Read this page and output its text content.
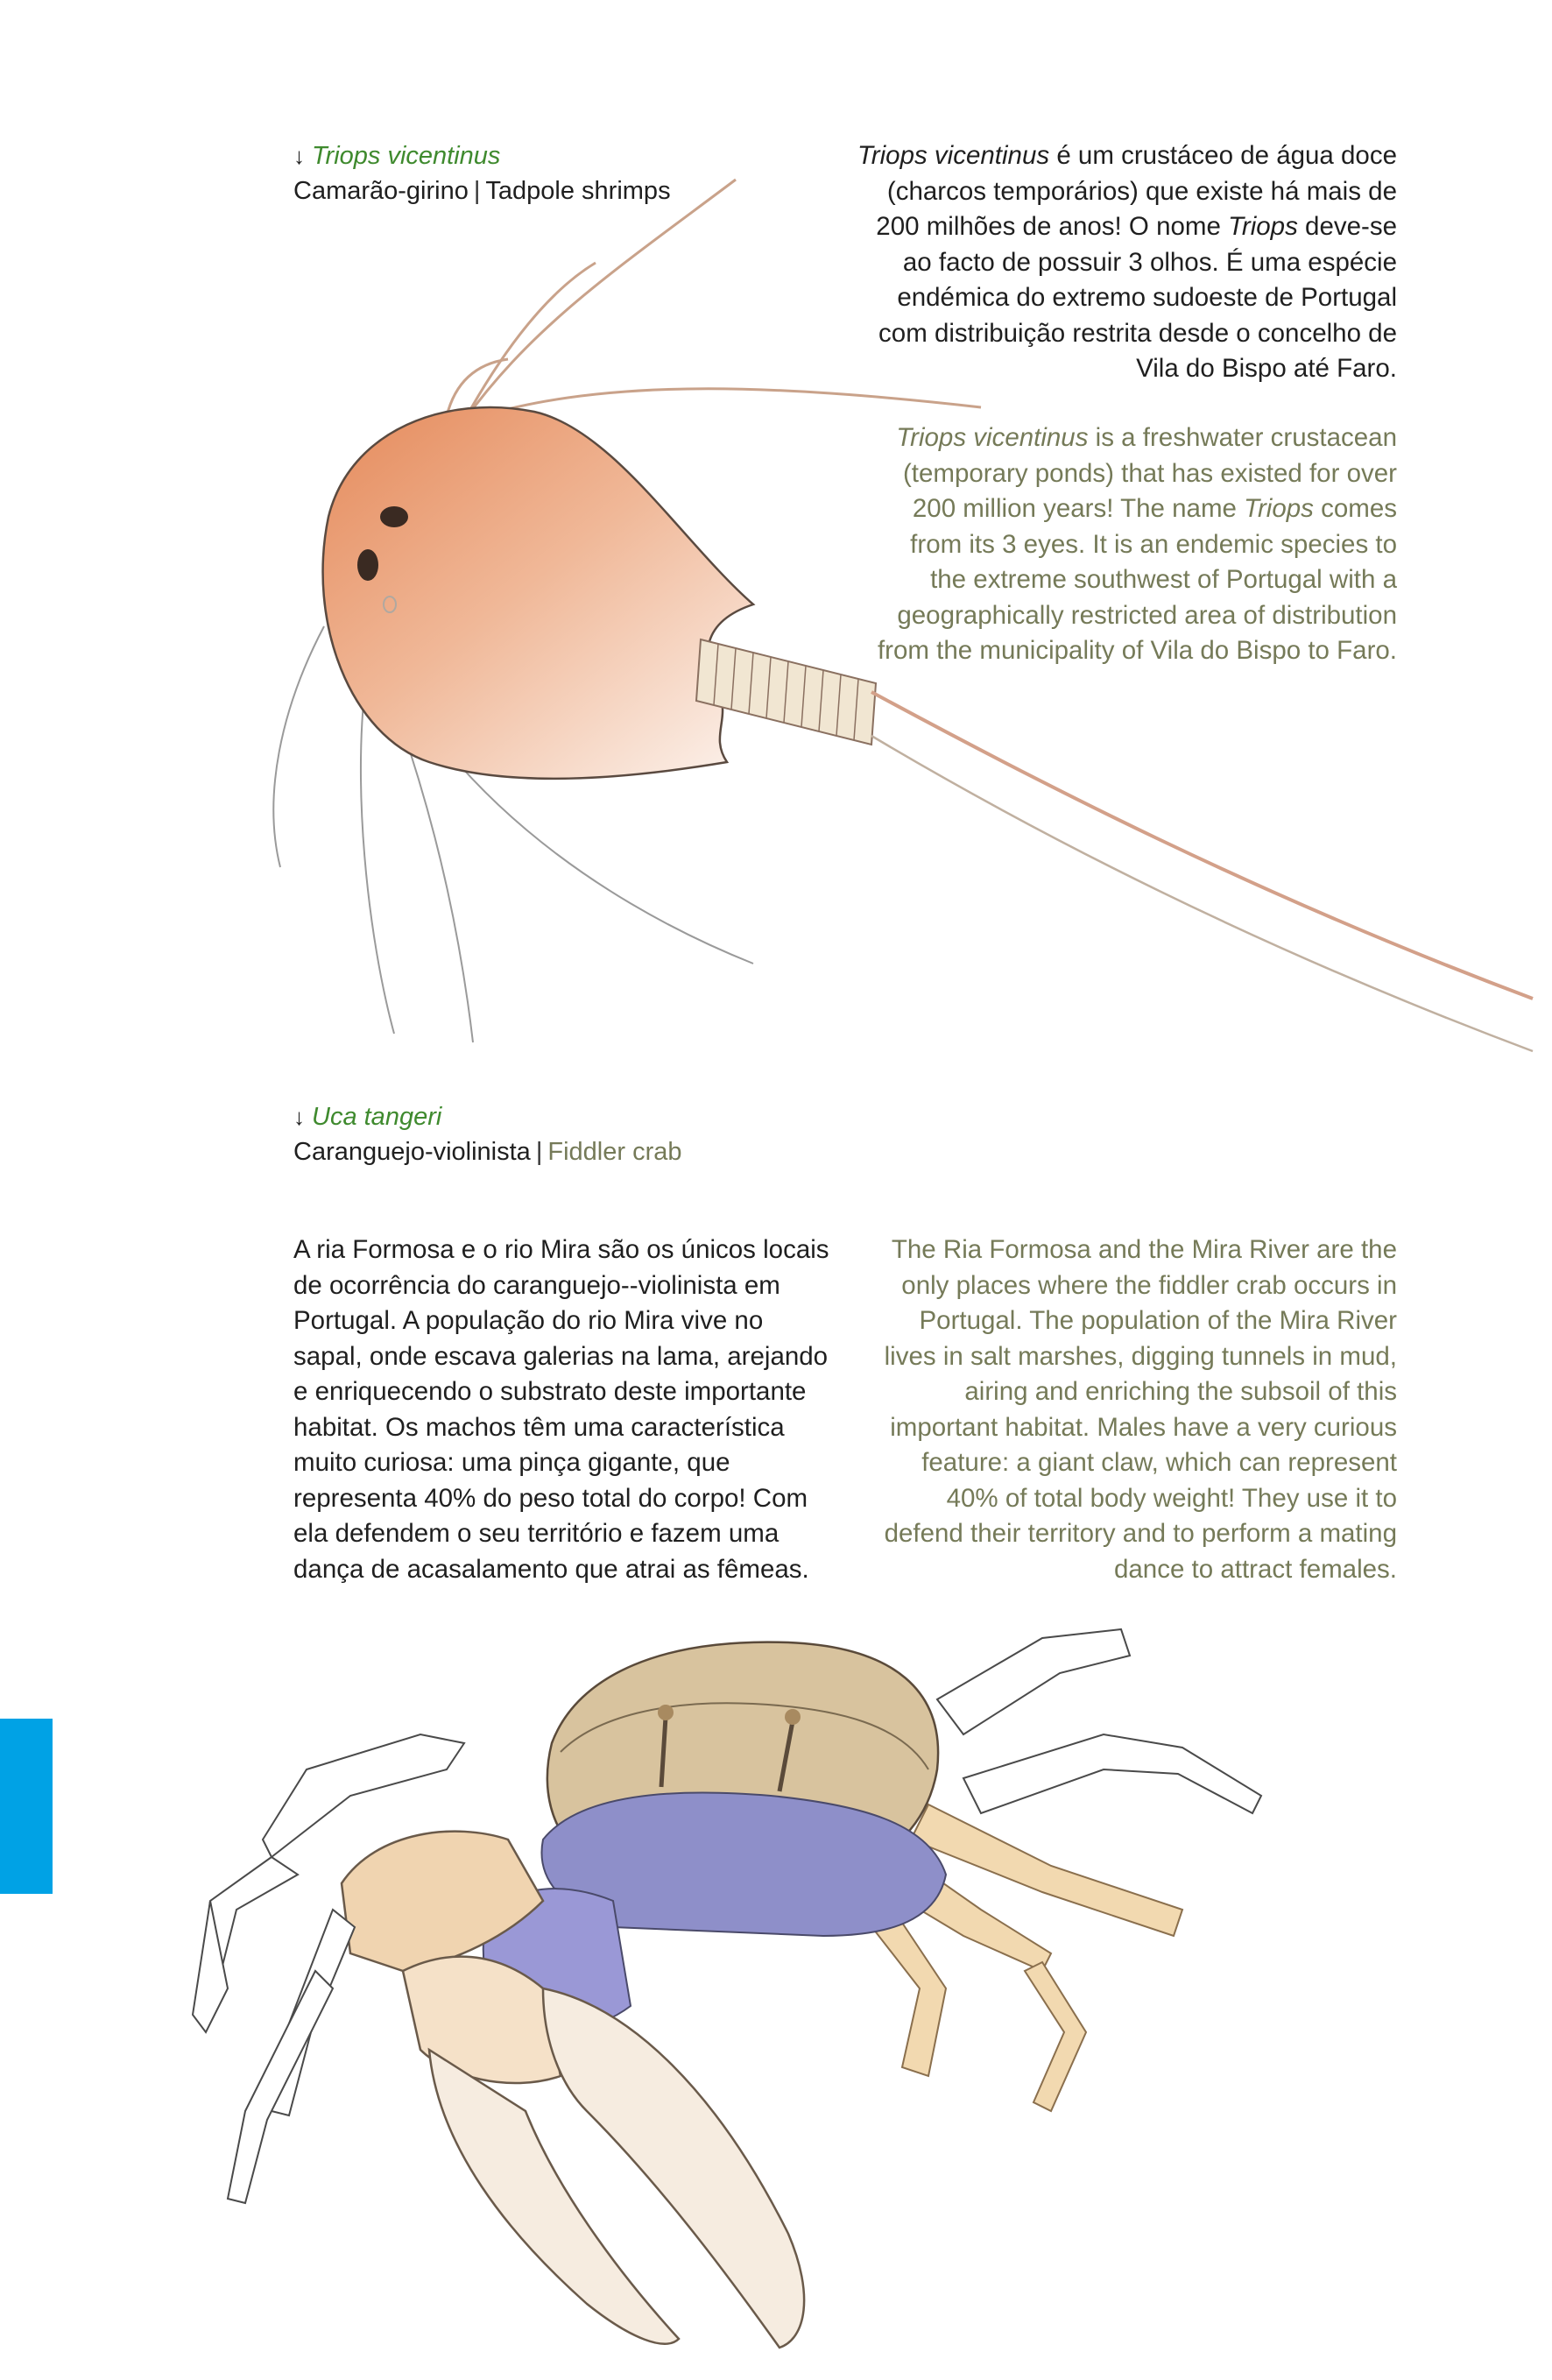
↓ Triops vicentinus
Camarão-girino | Tadpole shrimps

Triops vicentinus é um crustáceo de água doce (charcos temporários) que existe há mais de 200 milhões de anos! O nome Triops deve-se ao facto de possuir 3 olhos. É uma espécie endémica do extremo sudoeste de Portugal com distribuição restrita desde o concelho de Vila do Bispo até Faro.

Triops vicentinus is a freshwater crustacean (temporary ponds) that has existed for over 200 million years! The name Triops comes from its 3 eyes. It is an endemic species to the extreme southwest of Portugal with a geographically restricted area of distribution from the municipality of Vila do Bispo to Faro.

↓ Uca tangeri
Caranguejo-violinista | Fiddler crab

A ria Formosa e o rio Mira são os únicos locais de ocorrência do caranguejo--violinista em Portugal. A população do rio Mira vive no sapal, onde escava galerias na lama, arejando e enriquecendo o substrato deste importante habitat. Os machos têm uma característica muito curiosa: uma pinça gigante, que representa 40% do peso total do corpo! Com ela defendem o seu território e fazem uma dança de acasalamento que atrai as fêmeas.

The Ria Formosa and the Mira River are the only places where the fiddler crab occurs in Portugal. The population of the Mira River lives in salt marshes, digging tunnels in mud, airing and enriching the subsoil of this important habitat. Males have a very curious feature: a giant claw, which can represent 40% of total body weight! They use it to defend their territory and to perform a mating dance to attract females.
